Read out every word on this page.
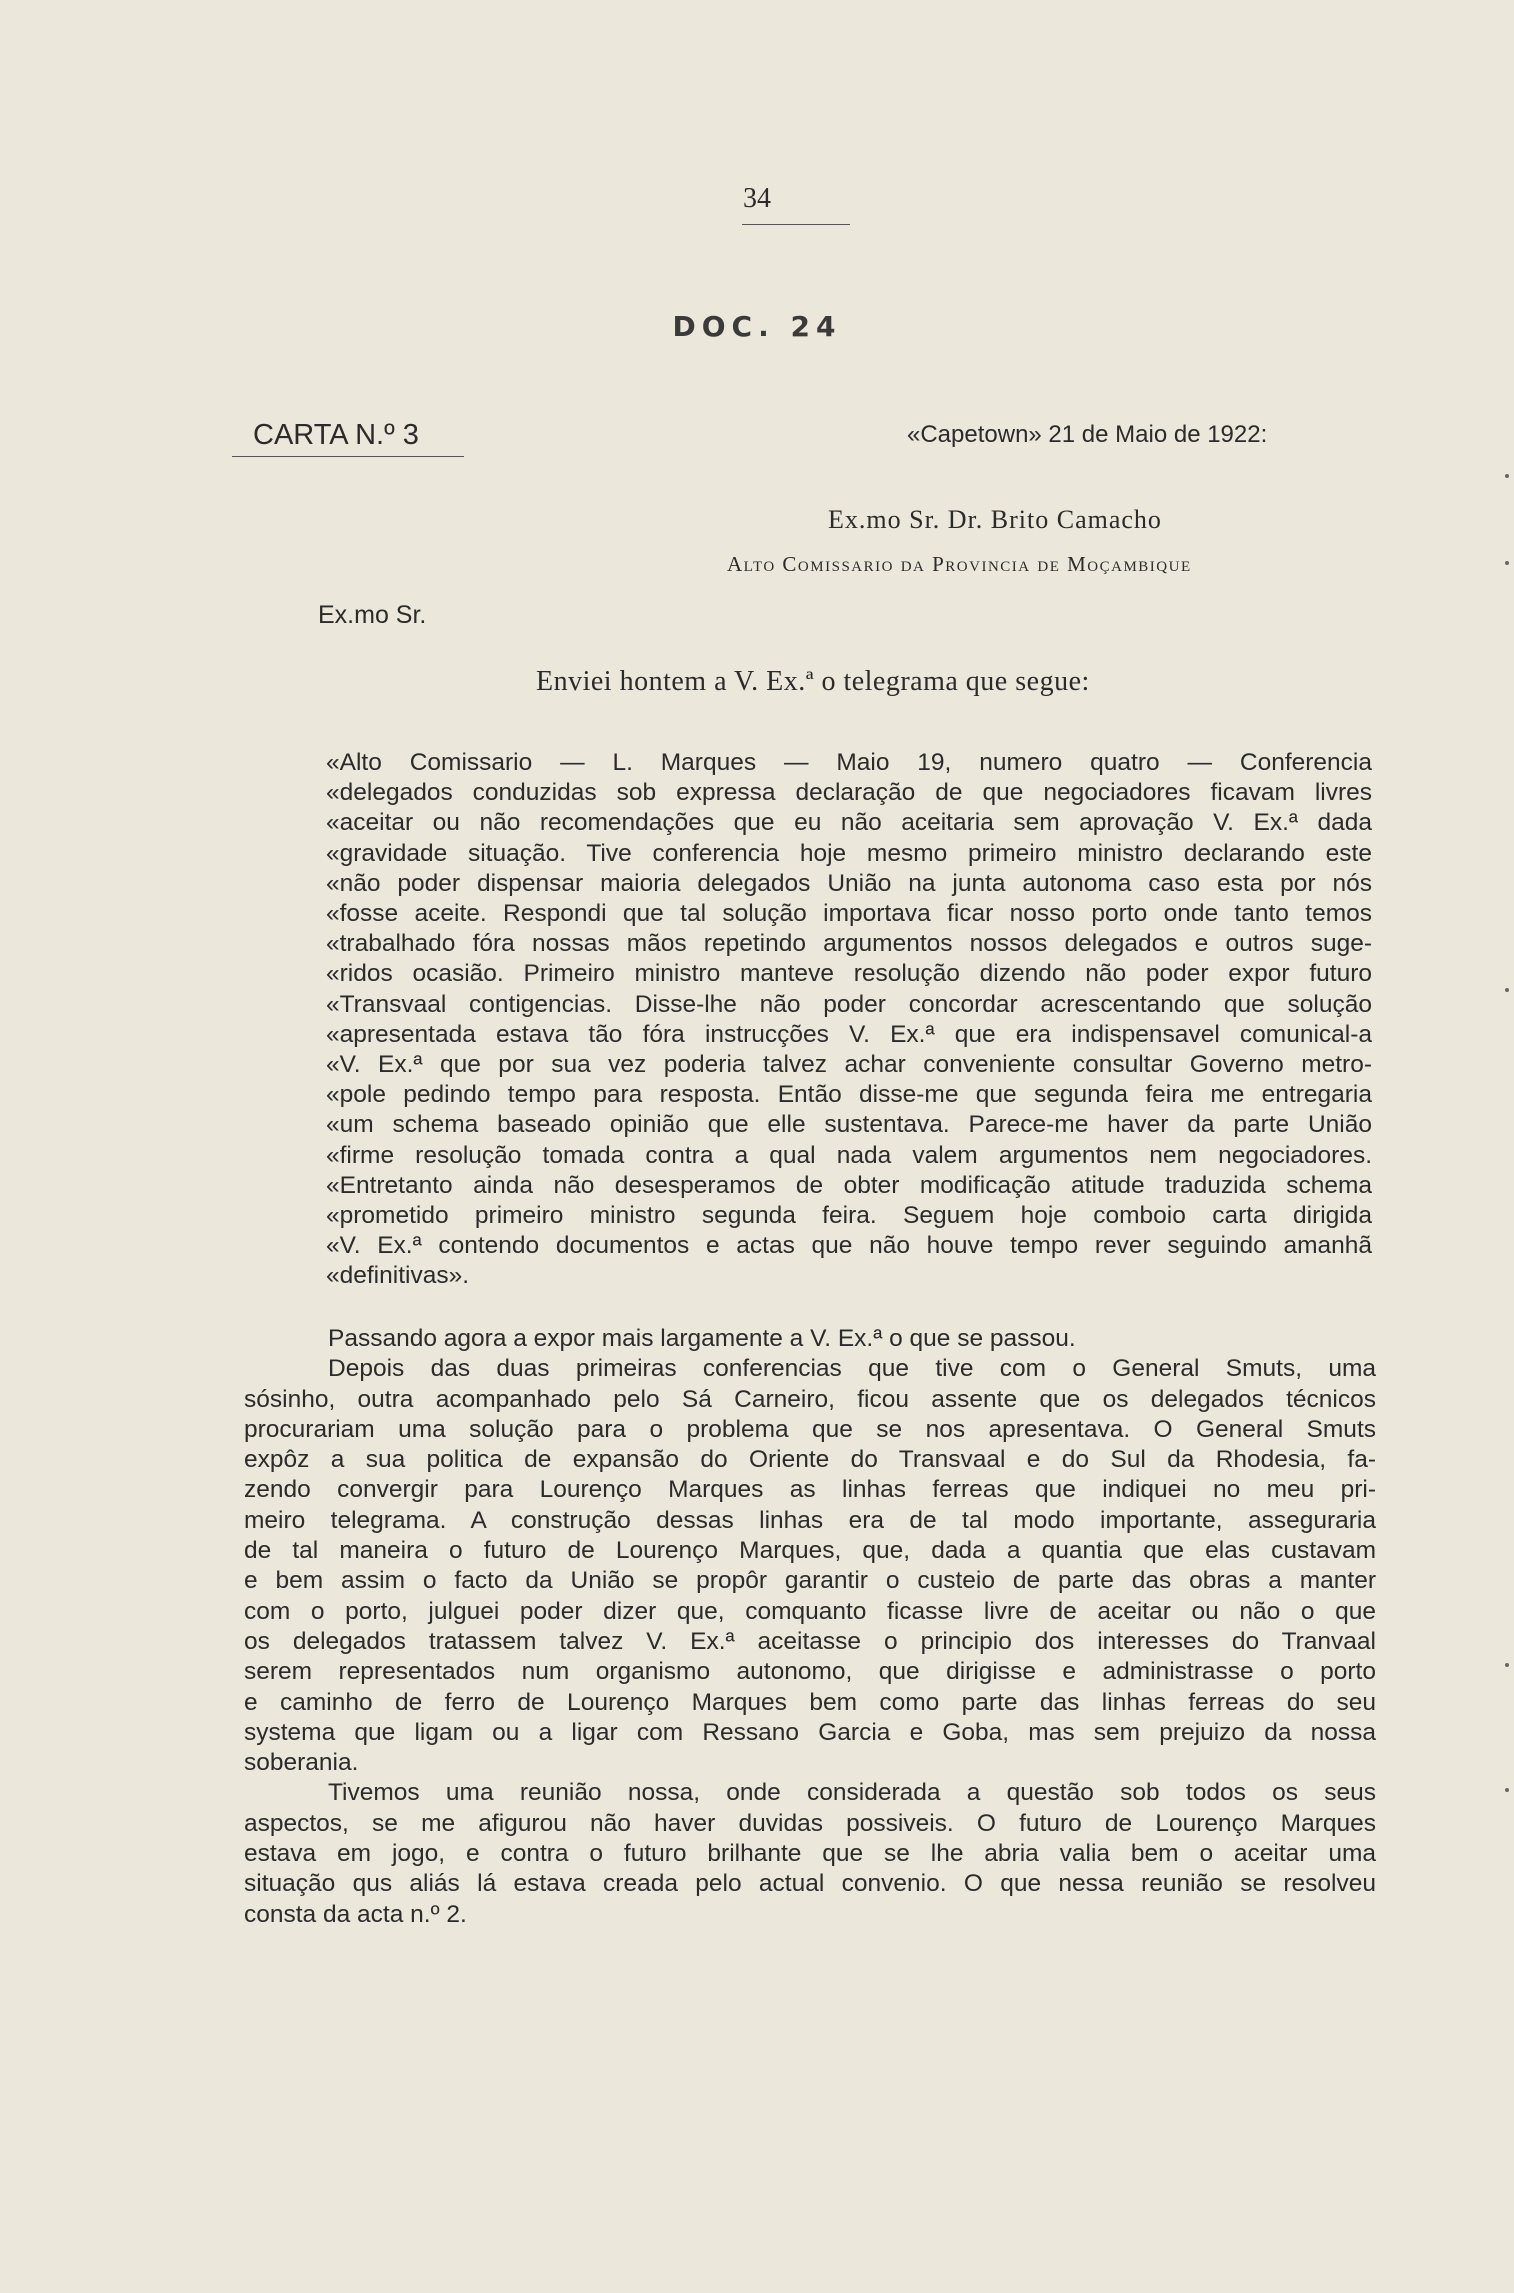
34
DOC. 24
CARTA N.º 3	«Capetown» 21 de Maio de 1922:
Ex.mo Sr. Dr. Brito Camacho
Alto Comissario da Provincia de Moçambique
Ex.mo Sr.
Enviei hontem a V. Ex.ª o telegrama que segue:
«Alto Comissario — L. Marques — Maio 19, numero quatro — Conferencia
«delegados conduzidas sob expressa declaração de que negociadores ficavam livres
«aceitar ou não recomendações que eu não aceitaria sem aprovação V. Ex.ª dada
«gravidade situação. Tive conferencia hoje mesmo primeiro ministro declarando este
«não poder dispensar maioria delegados União na junta autonoma caso esta por nós
«fosse aceite. Respondi que tal solução importava ficar nosso porto onde tanto temos
«trabalhado fóra nossas mãos repetindo argumentos nossos delegados e outros suge-
«ridos ocasião. Primeiro ministro manteve resolução dizendo não poder expor futuro
«Transvaal contigencias. Disse-lhe não poder concordar acrescentando que solução
«apresentada estava tão fóra instrucções V. Ex.ª que era indispensavel comunical-a
«V. Ex.ª que por sua vez poderia talvez achar conveniente consultar Governo metro-
«pole pedindo tempo para resposta. Então disse-me que segunda feira me entregaria
«um schema baseado opinião que elle sustentava. Parece-me haver da parte União
«firme resolução tomada contra a qual nada valem argumentos nem negociadores.
«Entretanto ainda não desesperamos de obter modificação atitude traduzida schema
«prometido primeiro ministro segunda feira. Seguem hoje comboio carta dirigida
«V. Ex.ª contendo documentos e actas que não houve tempo rever seguindo amanhã
«definitivas».
Passando agora a expor mais largamente a V. Ex.ª o que se passou.
Depois das duas primeiras conferencias que tive com o General Smuts, uma
sósinho, outra acompanhado pelo Sá Carneiro, ficou assente que os delegados técnicos
procurariam uma solução para o problema que se nos apresentava. O General Smuts
expôz a sua politica de expansão do Oriente do Transvaal e do Sul da Rhodesia, fa-
zendo convergir para Lourenço Marques as linhas ferreas que indiquei no meu pri-
meiro telegrama. A construção dessas linhas era de tal modo importante, asseguraria
de tal maneira o futuro de Lourenço Marques, que, dada a quantia que elas custavam
e bem assim o facto da União se propôr garantir o custeio de parte das obras a manter
com o porto, julguei poder dizer que, comquanto ficasse livre de aceitar ou não o que
os delegados tratassem talvez V. Ex.ª aceitasse o principio dos interesses do Tranvaal
serem representados num organismo autonomo, que dirigisse e administrasse o porto
e caminho de ferro de Lourenço Marques bem como parte das linhas ferreas do seu
systema que ligam ou a ligar com Ressano Garcia e Goba, mas sem prejuizo da nossa
soberania.
Tivemos uma reunião nossa, onde considerada a questão sob todos os seus
aspectos, se me afigurou não haver duvidas possiveis. O futuro de Lourenço Marques
estava em jogo, e contra o futuro brilhante que se lhe abria valia bem o aceitar uma
situação qus aliás lá estava creada pelo actual convenio. O que nessa reunião se resolveu
consta da acta n.º 2.
